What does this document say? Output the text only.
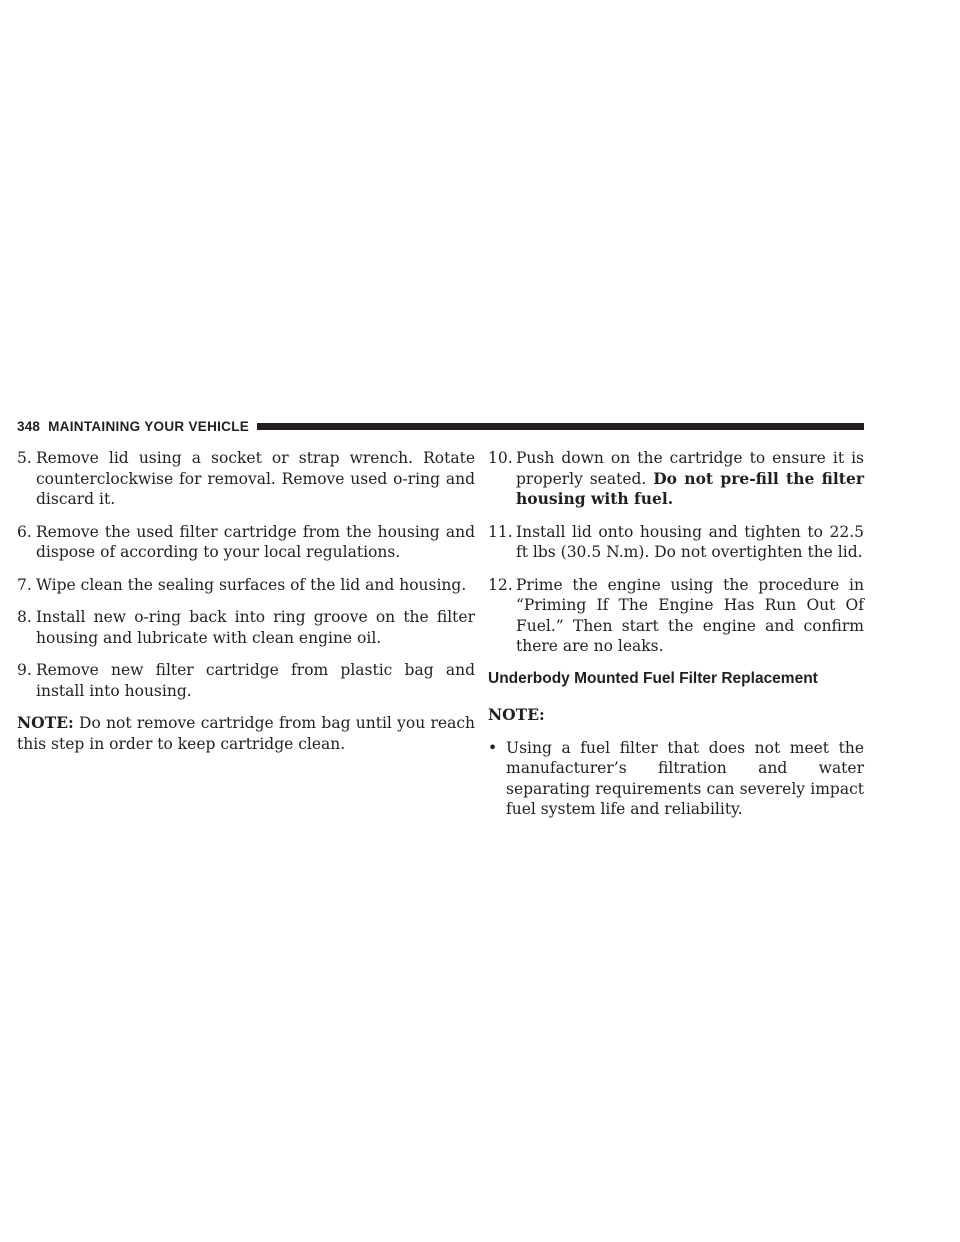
348 MAINTAINING YOUR VEHICLE
5. Remove lid using a socket or strap wrench. Rotate counterclockwise for removal. Remove used o-ring and discard it.
6. Remove the used filter cartridge from the housing and dispose of according to your local regulations.
7. Wipe clean the sealing surfaces of the lid and housing.
8. Install new o-ring back into ring groove on the filter housing and lubricate with clean engine oil.
9. Remove new filter cartridge from plastic bag and install into housing.

NOTE: Do not remove cartridge from bag until you reach this step in order to keep cartridge clean.

10. Push down on the cartridge to ensure it is properly seated. Do not pre-fill the filter housing with fuel.
11. Install lid onto housing and tighten to 22.5 ft lbs (30.5 N.m). Do not overtighten the lid.
12. Prime the engine using the procedure in “Priming If The Engine Has Run Out Of Fuel.” Then start the engine and confirm there are no leaks.
Underbody Mounted Fuel Filter Replacement
NOTE:
• Using a fuel filter that does not meet the manufacturer’s filtration and water separating requirements can severely impact fuel system life and reliability.
